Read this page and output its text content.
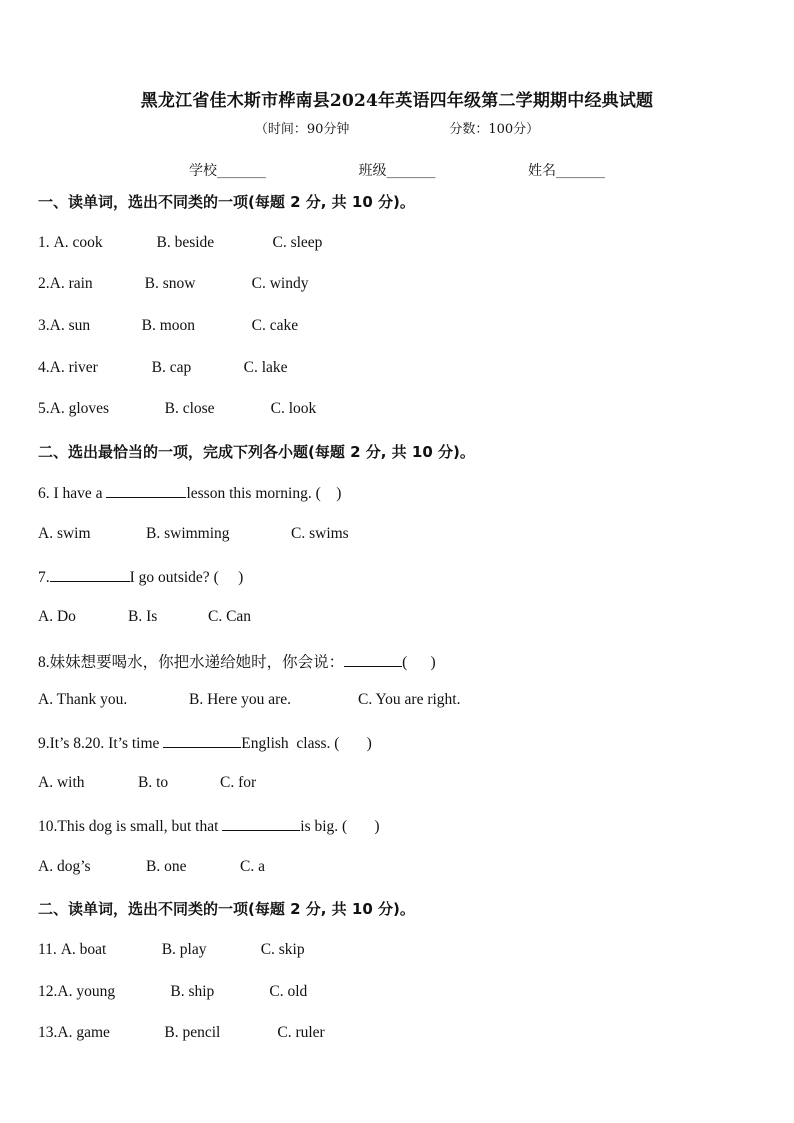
黑龙江省佳木斯市桦南县2024年英语四年级第二学期期中经典试题
（时间：90分钟	分数：100分）
学校_______	班级_______	姓名_______
一、读单词，选出不同类的一项(每题 2 分, 共 10 分)。
1. A. cook	B. beside	C. sleep
2.A. rain	B. snow	C. windy
3.A. sun	B. moon	C. cake
4.A. river	B. cap	C. lake
5.A. gloves	B. close	C. look
二、选出最恰当的一项，完成下列各小题(每题 2 分, 共 10 分)。
6. I have a	lesson this morning. (    )
A. swim	B. swimming	C. swims
7.	I go outside? (     )
A. Do	B. Is	C. Can
8.妹妹想要喝水，你把水递给她时，你会说：	(      )
A. Thank you.	B. Here you are.	C. You are right.
9.It’s 8.20. It’s time	English  class. (       )
A. with	B. to	C. for
10.This dog is small, but that	is big. (       )
A. dog’s	B. one	C. a
二、读单词，选出不同类的一项(每题 2 分, 共 10 分)。
11. A. boat	B. play	C. skip
12.A. young	B. ship	C. old
13.A. game	B. pencil	C. ruler
